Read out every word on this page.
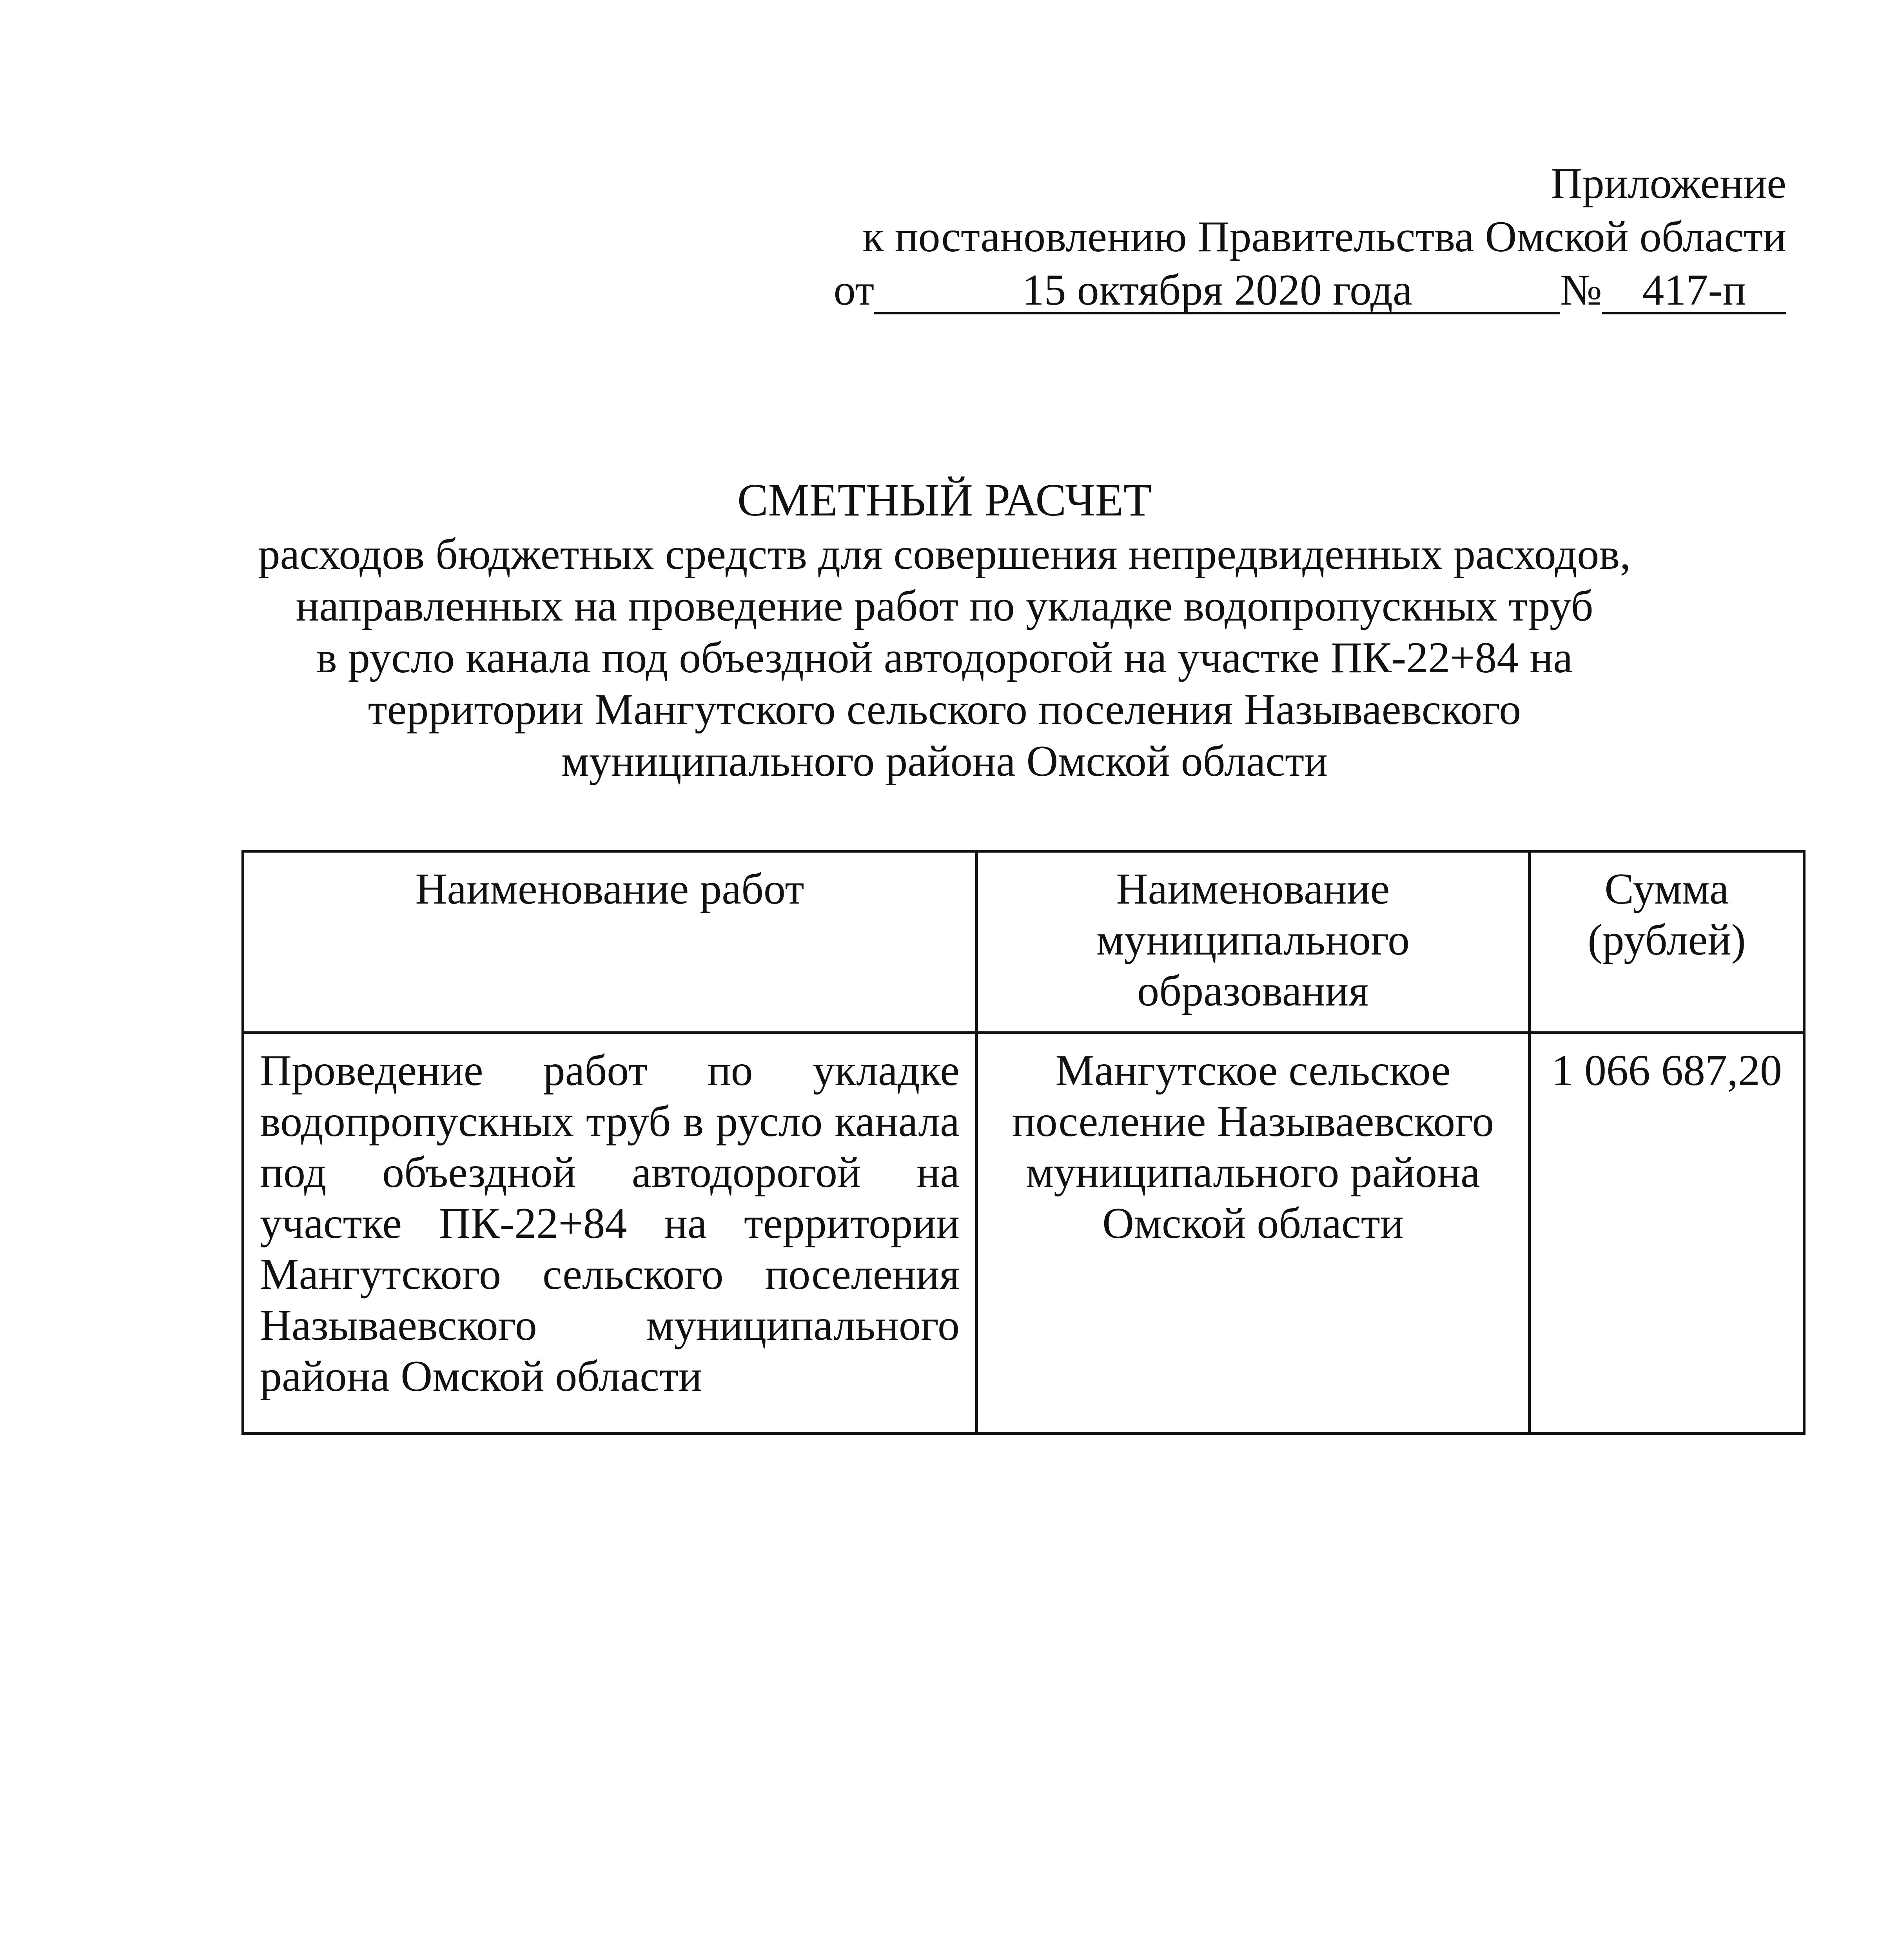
Приложение
к постановлению Правительства Омской области
от	15 октября 2020 года	№ 417-п
СМЕТНЫЙ РАСЧЕТ
расходов бюджетных средств для совершения непредвиденных расходов,
направленных на проведение работ по укладке водопропускных труб
в русло канала под объездной автодорогой на участке ПК-22+84 на
территории Мангутского сельского поселения Называевского
муниципального района Омской области
Наименование работ	Наименование муниципального образования	Сумма (рублей)
Проведение работ по укладке водопропускных труб в русло канала под объездной автодорогой на участке ПК-22+84 на территории Мангутского сельского поселения Называевского муниципального района Омской области	Мангутское сельское поселение Называевского муниципального района Омской области	1 066 687,20
